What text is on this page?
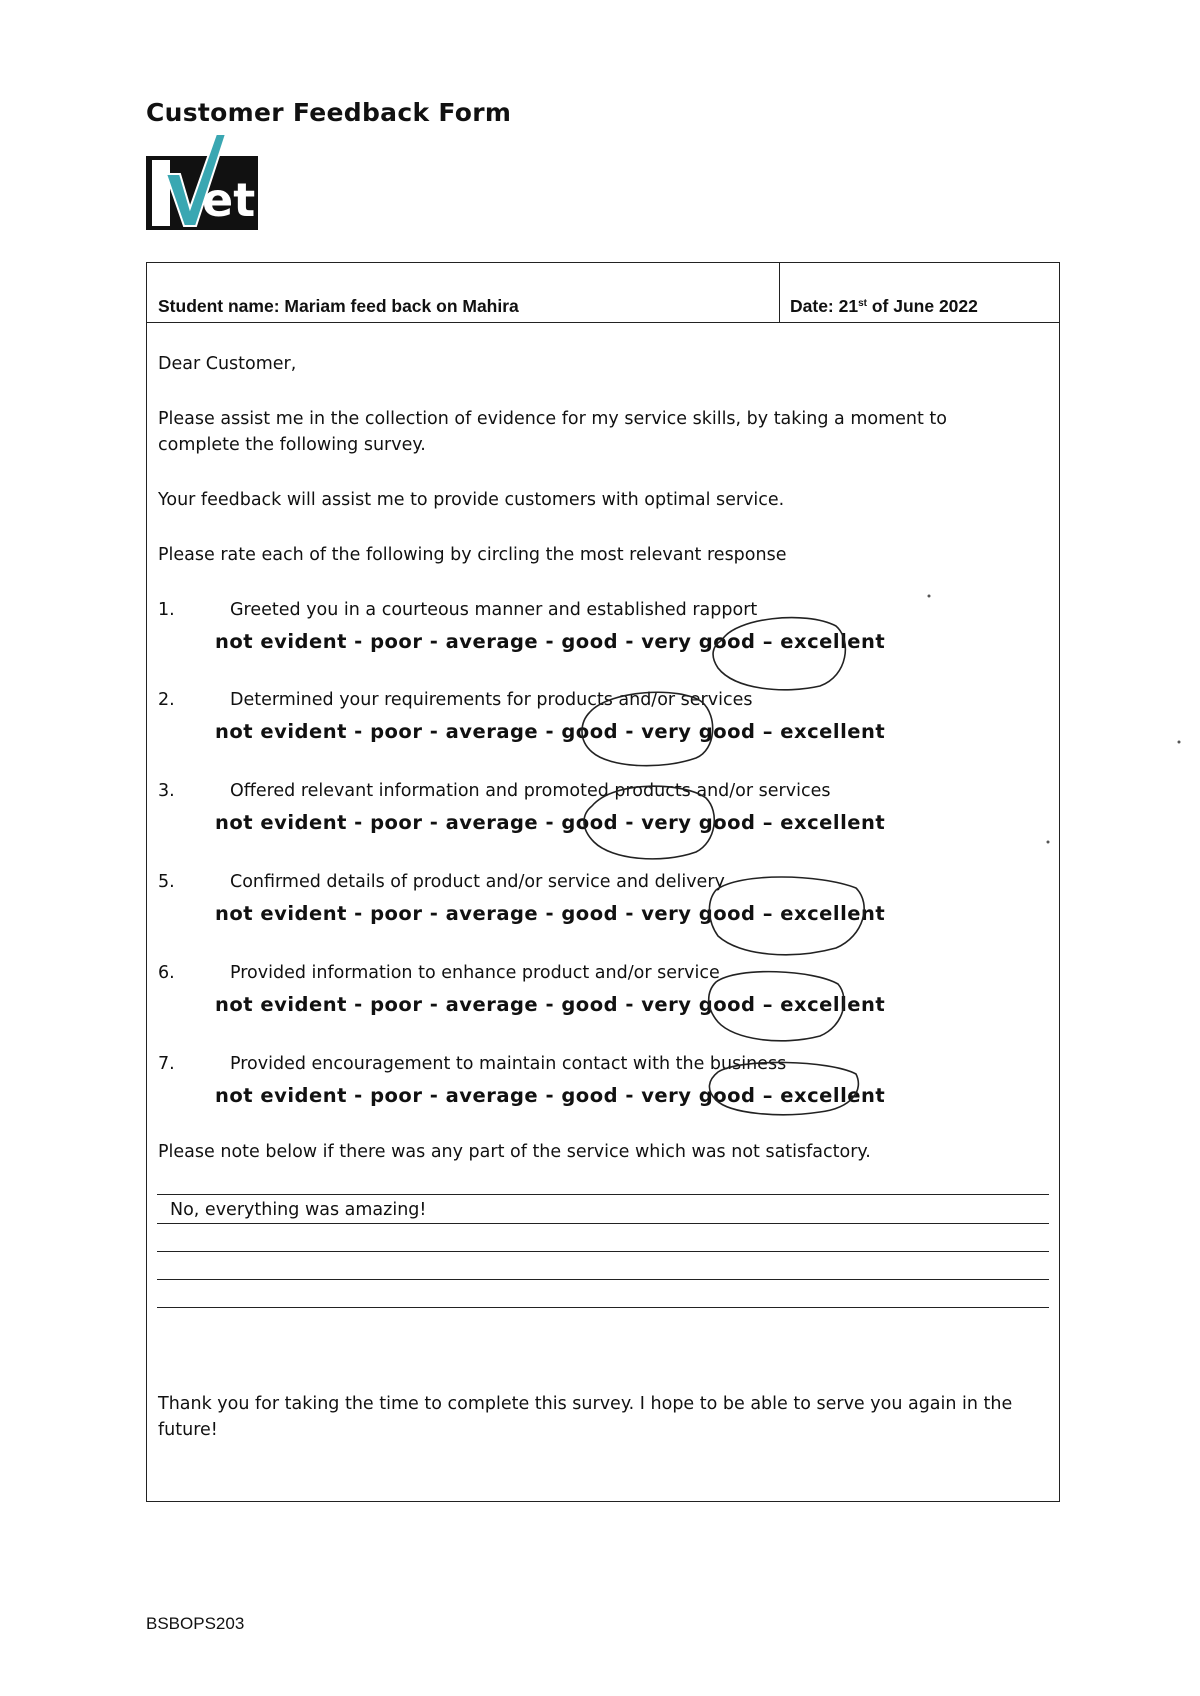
Customer Feedback Form
et
Student name: Mariam feed back on Mahira	Date: 21st of June 2022
Dear Customer,
Please assist me in the collection of evidence for my service skills, by taking a moment to
complete the following survey.
Your feedback will assist me to provide customers with optimal service.
Please rate each of the following by circling the most relevant response
1.	Greeted you in a courteous manner and established rapport
not evident - poor - average - good - very good – excellent
2.	Determined your requirements for products and/or services
not evident - poor - average - good - very good – excellent
3.	Offered relevant information and promoted products and/or services
not evident - poor - average - good - very good – excellent
5.	Confirmed details of product and/or service and delivery
not evident - poor - average - good - very good – excellent
6.	Provided information to enhance product and/or service
not evident - poor - average - good - very good – excellent
7.	Provided encouragement to maintain contact with the business
not evident - poor - average - good - very good – excellent
Please note below if there was any part of the service which was not satisfactory.
No, everything was amazing!
Thank you for taking the time to complete this survey. I hope to be able to serve you again in the
future!
BSBOPS203
